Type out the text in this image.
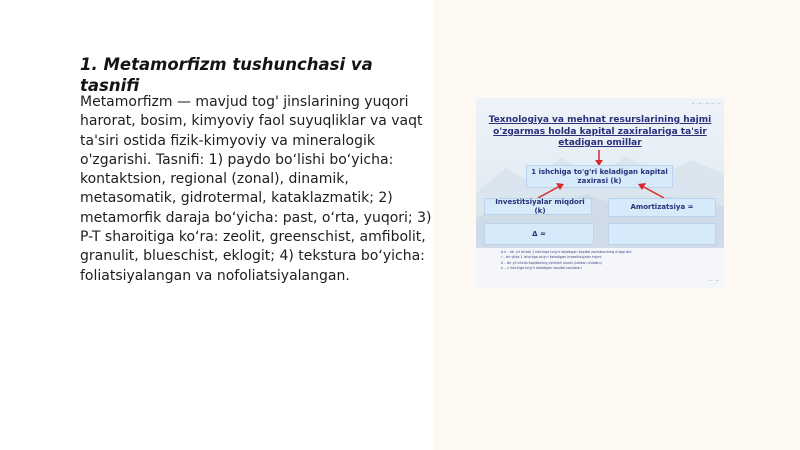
1. Metamorfizm tushunchasi va tasnifi

Metamorfizm — mavjud tog' jinslarining yuqori harorat, bosim, kimyoviy faol suyuqliklar va vaqt ta'siri ostida fizik-kimyoviy va mineralogik o'zgarishi. Tasnifi: 1) paydo boʻlishi boʻyicha: kontaktsion, regional (zonal), dinamik, metasomatik, gidrotermal, kataklazmatik; 2) metamorfik daraja boʻyicha: past, oʻrta, yuqori; 3) P-T sharoitiga koʻra: zeolit, greenschist, amfibolit, granulit, blueschist, eklogit; 4) tekstura boʻyicha: foliatsiyalangan va nofoliatsiyalangan.

~ · ~ · ~ ~ · ~
Texnologiya va mehnat resurslarining hajmi o'zgarmas holda kapital zaxiralariga ta'sir etadigan omillar
1 ishchiga to'g'ri keladigan kapital zaxirasi (k)
Investitsiyalar miqdori (k)	Amortizatsiya =
Δ =
Δ k – bir yil ichida 1 ishchiga to'g'ri keladigan kapital zaxiralarining o'zgarishi
i – bir yilda 1 ishchiga to'g'ri keladigan investitsiyalar hajmi
δ – bir yil ichida kapitalning yeirilish ulushi (ishdan chiqishi)
k – 1 ishchiga to'g'ri keladigan kapital zaxiralari
~ · ~
